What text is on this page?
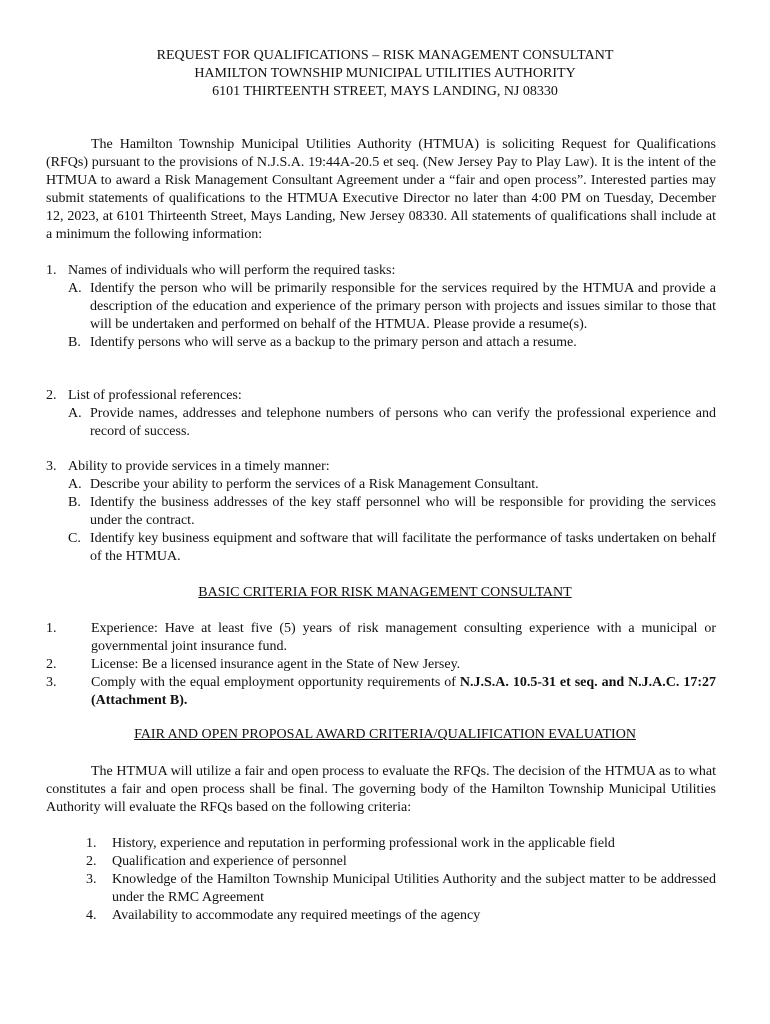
REQUEST FOR QUALIFICATIONS – RISK MANAGEMENT CONSULTANT
HAMILTON TOWNSHIP MUNICIPAL UTILITIES AUTHORITY
6101 THIRTEENTH STREET, MAYS LANDING, NJ 08330
The Hamilton Township Municipal Utilities Authority (HTMUA) is soliciting Request for Qualifications (RFQs) pursuant to the provisions of N.J.S.A. 19:44A-20.5 et seq. (New Jersey Pay to Play Law). It is the intent of the HTMUA to award a Risk Management Consultant Agreement under a “fair and open process”. Interested parties may submit statements of qualifications to the HTMUA Executive Director no later than 4:00 PM on Tuesday, December 12, 2023, at 6101 Thirteenth Street, Mays Landing, New Jersey 08330. All statements of qualifications shall include at a minimum the following information:
1. Names of individuals who will perform the required tasks:
A. Identify the person who will be primarily responsible for the services required by the HTMUA and provide a description of the education and experience of the primary person with projects and issues similar to those that will be undertaken and performed on behalf of the HTMUA. Please provide a resume(s).
B. Identify persons who will serve as a backup to the primary person and attach a resume.
2. List of professional references:
A. Provide names, addresses and telephone numbers of persons who can verify the professional experience and record of success.
3. Ability to provide services in a timely manner:
A. Describe your ability to perform the services of a Risk Management Consultant.
B. Identify the business addresses of the key staff personnel who will be responsible for providing the services under the contract.
C. Identify key business equipment and software that will facilitate the performance of tasks undertaken on behalf of the HTMUA.
BASIC CRITERIA FOR RISK MANAGEMENT CONSULTANT
1.	Experience: Have at least five (5) years of risk management consulting experience with a municipal or governmental joint insurance fund.
2.	License: Be a licensed insurance agent in the State of New Jersey.
3.	Comply with the equal employment opportunity requirements of N.J.S.A. 10.5-31 et seq. and N.J.A.C. 17:27 (Attachment B).
FAIR AND OPEN PROPOSAL AWARD CRITERIA/QUALIFICATION EVALUATION
The HTMUA will utilize a fair and open process to evaluate the RFQs. The decision of the HTMUA as to what constitutes a fair and open process shall be final. The governing body of the Hamilton Township Municipal Utilities Authority will evaluate the RFQs based on the following criteria:
1.	History, experience and reputation in performing professional work in the applicable field
2.	Qualification and experience of personnel
3.	Knowledge of the Hamilton Township Municipal Utilities Authority and the subject matter to be addressed under the RMC Agreement
4.	Availability to accommodate any required meetings of the agency
